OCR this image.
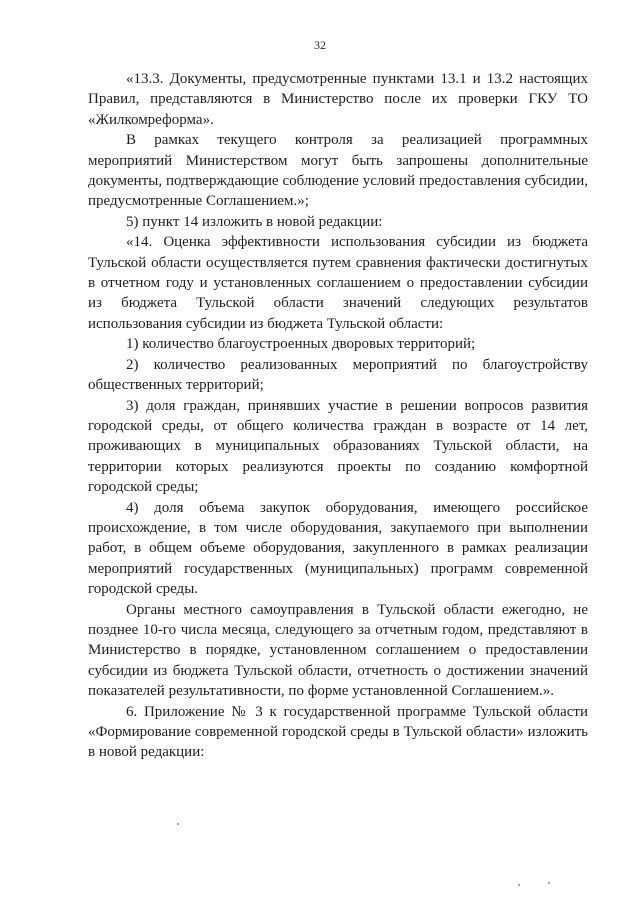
32

«13.3. Документы, предусмотренные пунктами 13.1 и 13.2 настоящих Правил, представляются в Министерство после их проверки ГКУ ТО «Жилкомреформа».

В рамках текущего контроля за реализацией программных мероприятий Министерством могут быть запрошены дополнительные документы, подтверждающие соблюдение условий предоставления субсидии, предусмотренные Соглашением.»;

5) пункт 14 изложить в новой редакции:

«14. Оценка эффективности использования субсидии из бюджета Тульской области осуществляется путем сравнения фактически достигнутых в отчетном году и установленных соглашением о предоставлении субсидии из бюджета Тульской области значений следующих результатов использования субсидии из бюджета Тульской области:

1) количество благоустроенных дворовых территорий;

2) количество реализованных мероприятий по благоустройству общественных территорий;

3) доля граждан, принявших участие в решении вопросов развития городской среды, от общего количества граждан в возрасте от 14 лет, проживающих в муниципальных образованиях Тульской области, на территории которых реализуются проекты по созданию комфортной городской среды;

4) доля объема закупок оборудования, имеющего российское происхождение, в том числе оборудования, закупаемого при выполнении работ, в общем объеме оборудования, закупленного в рамках реализации мероприятий государственных (муниципальных) программ современной городской среды.

Органы местного самоуправления в Тульской области ежегодно, не позднее 10-го числа месяца, следующего за отчетным годом, представляют в Министерство в порядке, установленном соглашением о предоставлении субсидии из бюджета Тульской области, отчетность о достижении значений показателей результативности, по форме установленной Соглашением.».

6. Приложение № 3 к государственной программе Тульской области «Формирование современной городской среды в Тульской области» изложить в новой редакции:
